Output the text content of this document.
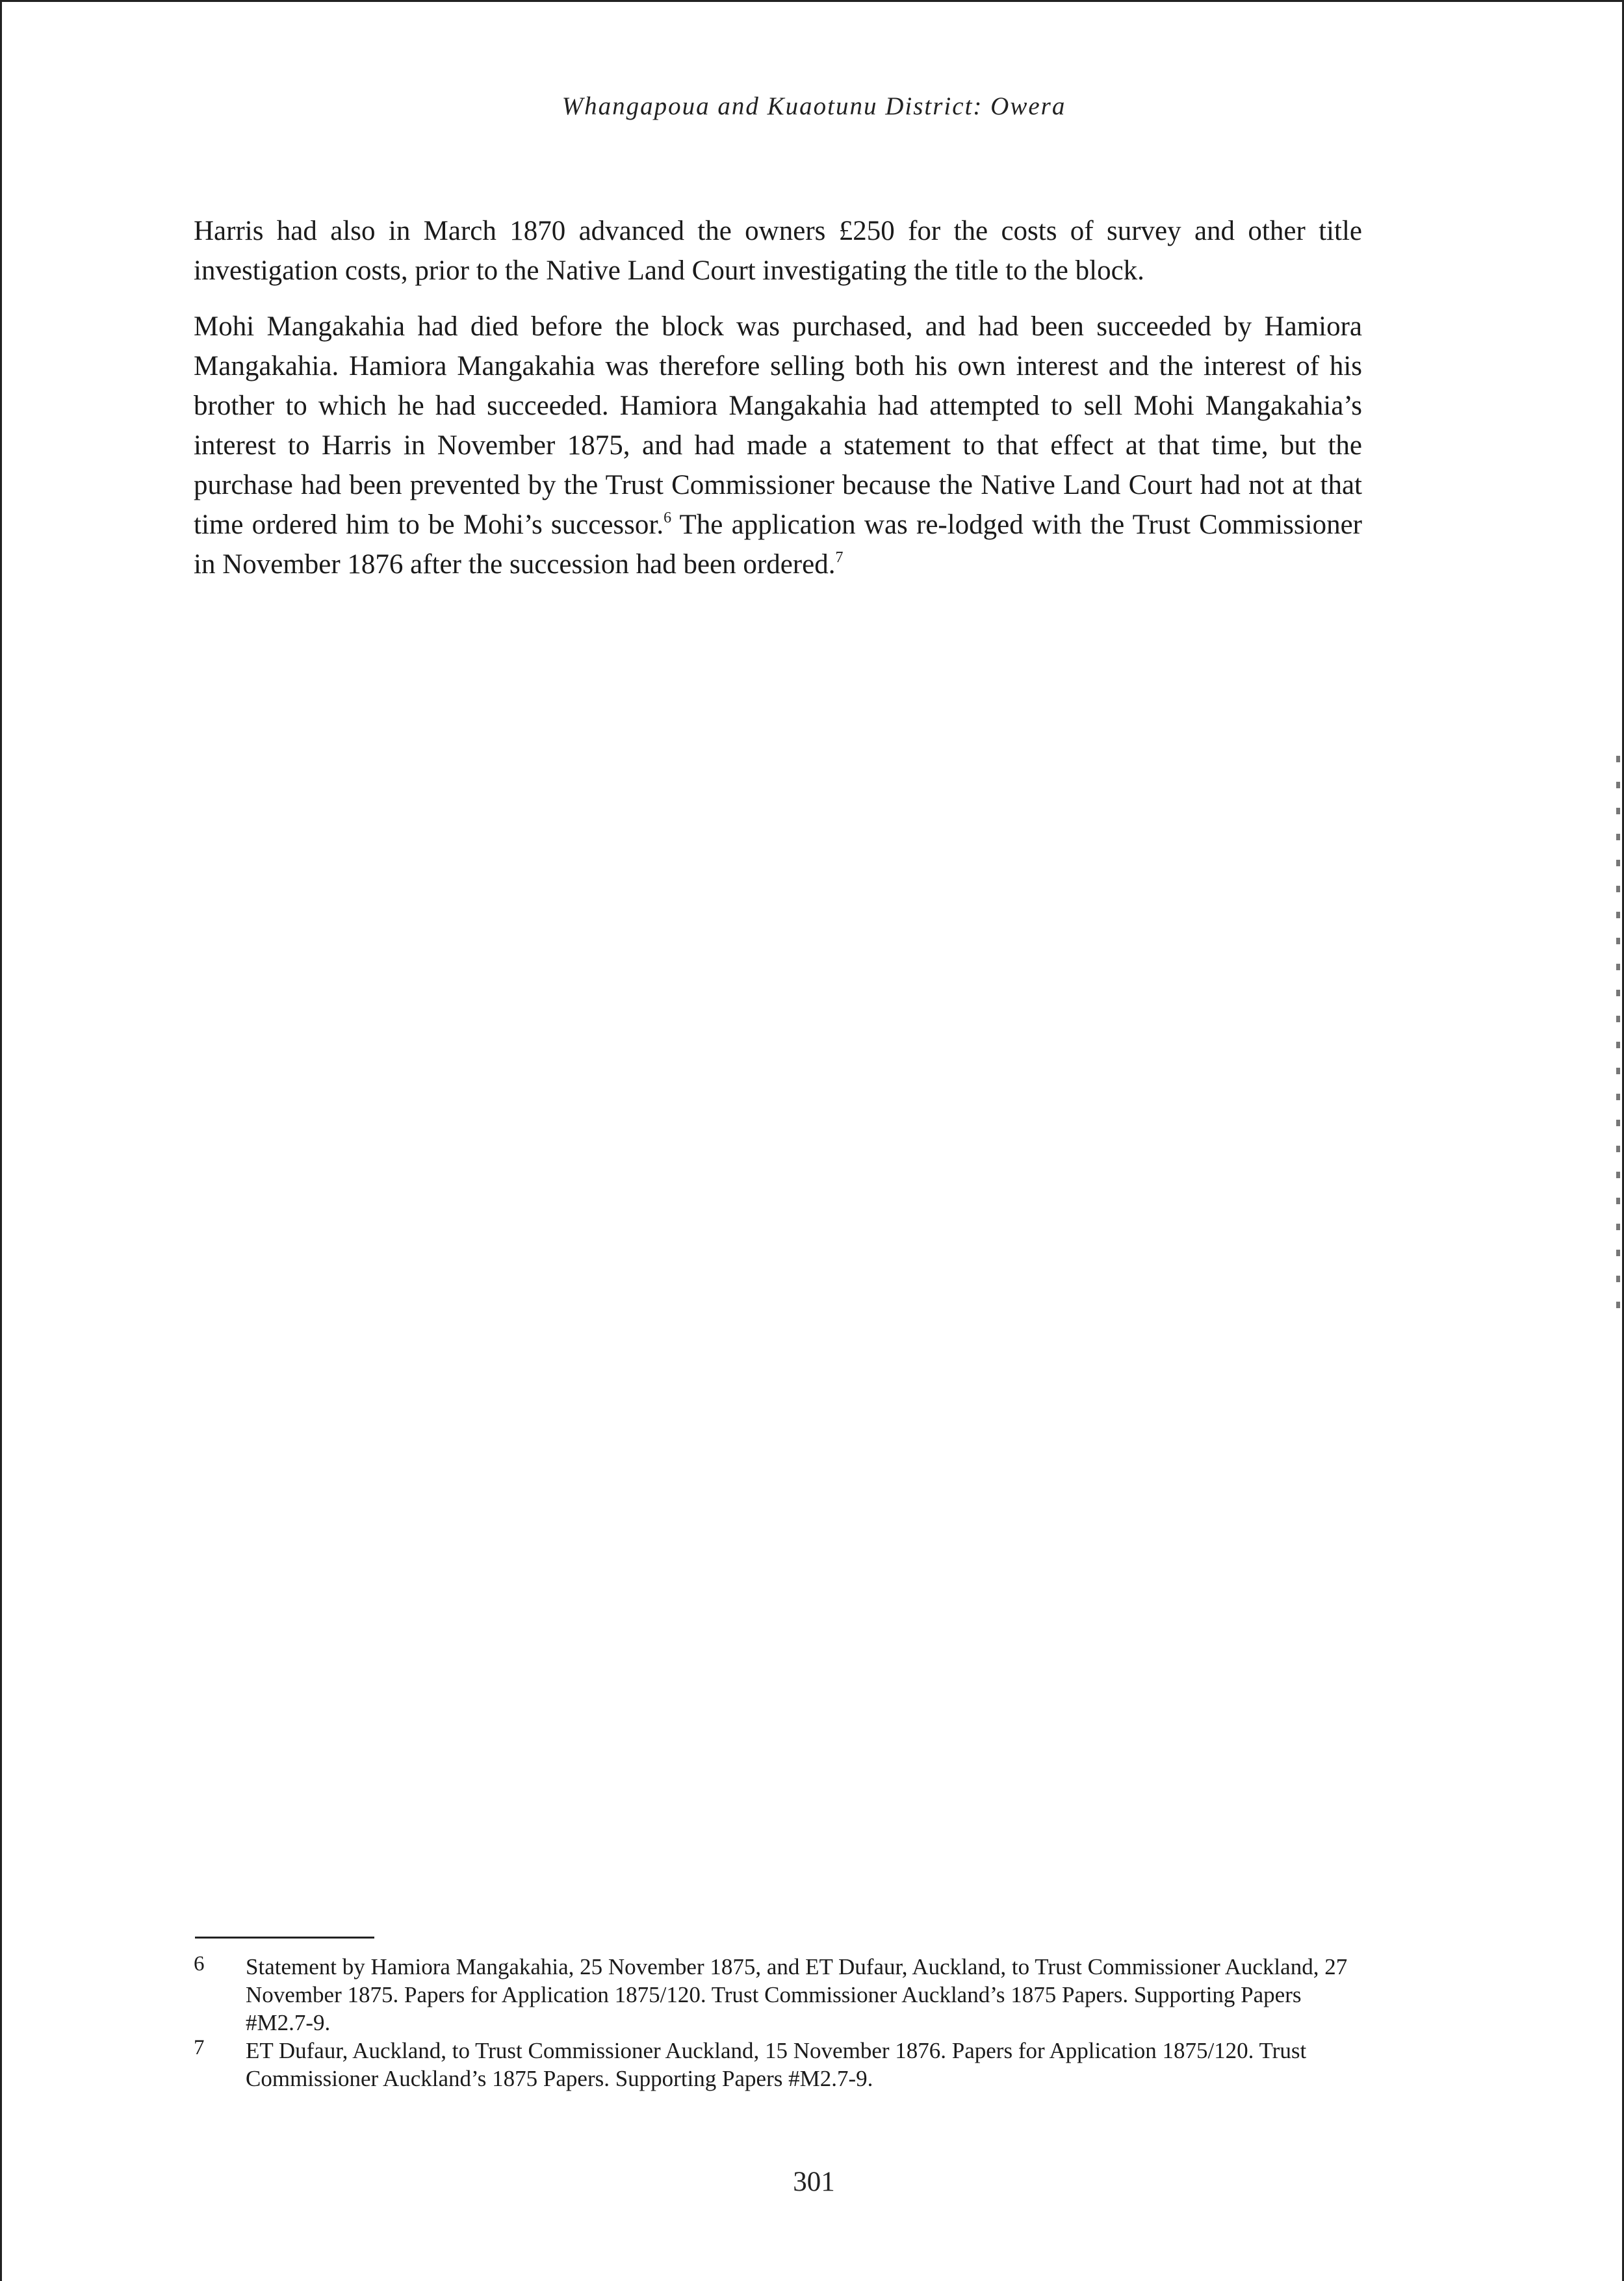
Whangapoua and Kuaotunu District: Owera

Harris had also in March 1870 advanced the owners £250 for the costs of survey and other title investigation costs, prior to the Native Land Court investigating the title to the block.

Mohi Mangakahia had died before the block was purchased, and had been succeeded by Hamiora Mangakahia. Hamiora Mangakahia was therefore selling both his own interest and the interest of his brother to which he had succeeded. Hamiora Mangakahia had attempted to sell Mohi Mangakahia’s interest to Harris in November 1875, and had made a statement to that effect at that time, but the purchase had been prevented by the Trust Commissioner because the Native Land Court had not at that time ordered him to be Mohi’s successor.$^6$ The application was re-lodged with the Trust Commissioner in November 1876 after the succession had been ordered.$^7$

6 Statement by Hamiora Mangakahia, 25 November 1875, and ET Dufaur, Auckland, to Trust Commissioner Auckland, 27 November 1875. Papers for Application 1875/120. Trust Commissioner Auckland’s 1875 Papers. Supporting Papers #M2.7-9.
7 ET Dufaur, Auckland, to Trust Commissioner Auckland, 15 November 1876. Papers for Application 1875/120. Trust Commissioner Auckland’s 1875 Papers. Supporting Papers #M2.7-9.
301
